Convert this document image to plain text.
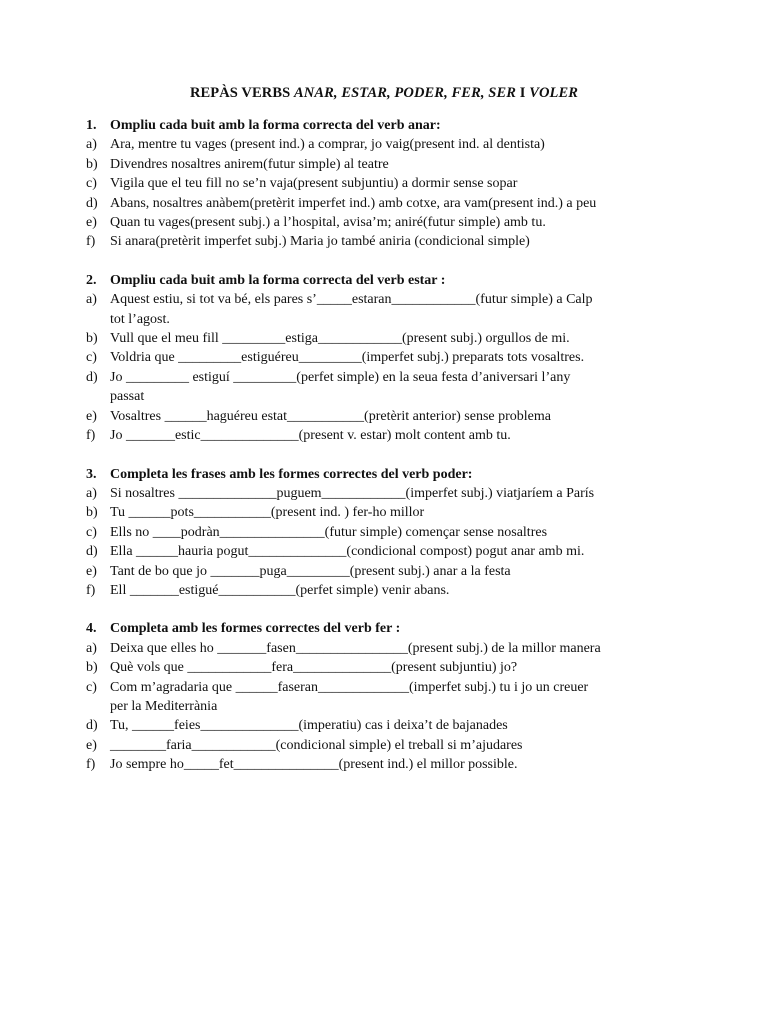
REPÀS VERBS ANAR, ESTAR, PODER, FER, SER I VOLER
1. Ompliu cada buit amb la forma correcta del verb anar:
a) Ara, mentre tu vages (present ind.) a comprar, jo vaig(present ind. al dentista)
b) Divendres nosaltres anirem(futur simple) al teatre
c) Vigila que el teu fill no se’n vaja(present subjuntiu) a dormir sense sopar
d) Abans, nosaltres anàbem(pretèrit imperfet ind.) amb cotxe, ara vam(present ind.) a peu
e) Quan tu vages(present subj.) a l’hospital, avisa’m; aniré(futur simple) amb tu.
f) Si anara(pretèrit imperfet subj.) Maria jo també aniria (condicional simple)
2. Ompliu cada buit amb la forma correcta del verb estar :
a) Aquest estiu, si tot va bé, els pares s’_____estaran____________(futur simple) a Calp
tot l’agost.
b) Vull que el meu fill _________estiga____________(present subj.) orgullos de mi.
c) Voldria que _________estiguéreu_________(imperfet subj.) preparats tots vosaltres.
d) Jo _________ estiguí _________(perfet simple) en la seua festa d’aniversari l’any
passat
e) Vosaltres ______haguéreu estat___________(pretèrit anterior) sense problema
f) Jo _______estic______________(present v. estar) molt content amb tu.
3. Completa les frases amb les formes correctes del verb poder:
a) Si nosaltres ______________puguem____________(imperfet subj.) viatjaríem a París
b) Tu ______pots___________(present ind. ) fer-ho millor
c) Ells no ____podràn_______________(futur simple) començar sense nosaltres
d) Ella ______hauria pogut______________(condicional compost) pogut anar amb mi.
e) Tant de bo que jo _______puga_________(present subj.) anar a la festa
f) Ell _______estigué___________(perfet simple) venir abans.
4. Completa amb les formes correctes del verb fer :
a) Deixa que elles ho _______fasen________________(present subj.) de la millor manera
b) Què vols que ____________fera______________(present subjuntiu) jo?
c) Com m’agradaria que ______faseran_____________(imperfet subj.) tu i jo un creuer
per la Mediterrània
d) Tu, ______feies______________(imperatiu) cas i deixa’t de bajanades
e) ________faria____________(condicional simple) el treball si m’ajudares
f) Jo sempre ho_____fet_______________(present ind.) el millor possible.
